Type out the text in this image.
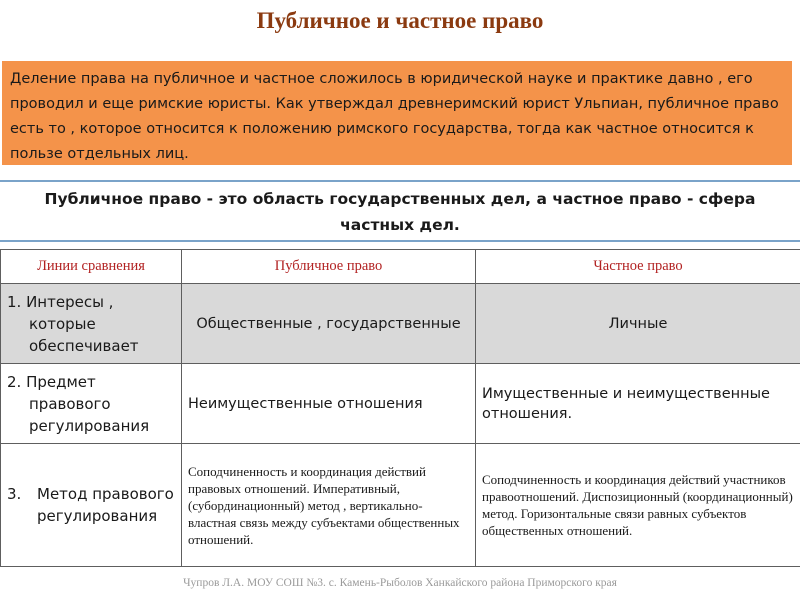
Публичное и частное право
Деление права на публичное и частное сложилось в юридической науке и практике давно , его проводил и еще римские юристы. Как утверждал древнеримский юрист Ульпиан, публичное право есть то , которое относится к положению римского государства, тогда как частное относится к пользе отдельных лиц.
Публичное право - это область государственных дел, а частное право - сфера
частных дел.
Линии сравнения	Публичное право	Частное право

1. Интересы , которые обеспечивает	Общественные , государственные	Личные

2. Предмет правового регулирования	Неимущественные отношения	Имущественные и неимущественные отношения.

3. Метод правового регулирования	Соподчиненность и координация действий правовых отношений. Императивный, (субординационный) метод , вертикально-властная связь между субъектами общественных отношений.	Соподчиненность и координация действий участников правоотношений. Диспозиционный (координационный) метод. Горизонтальные связи равных субъектов общественных отношений.
Чупров Л.А. МОУ СОШ №3. с. Камень-Рыболов Ханкайского района Приморского края
